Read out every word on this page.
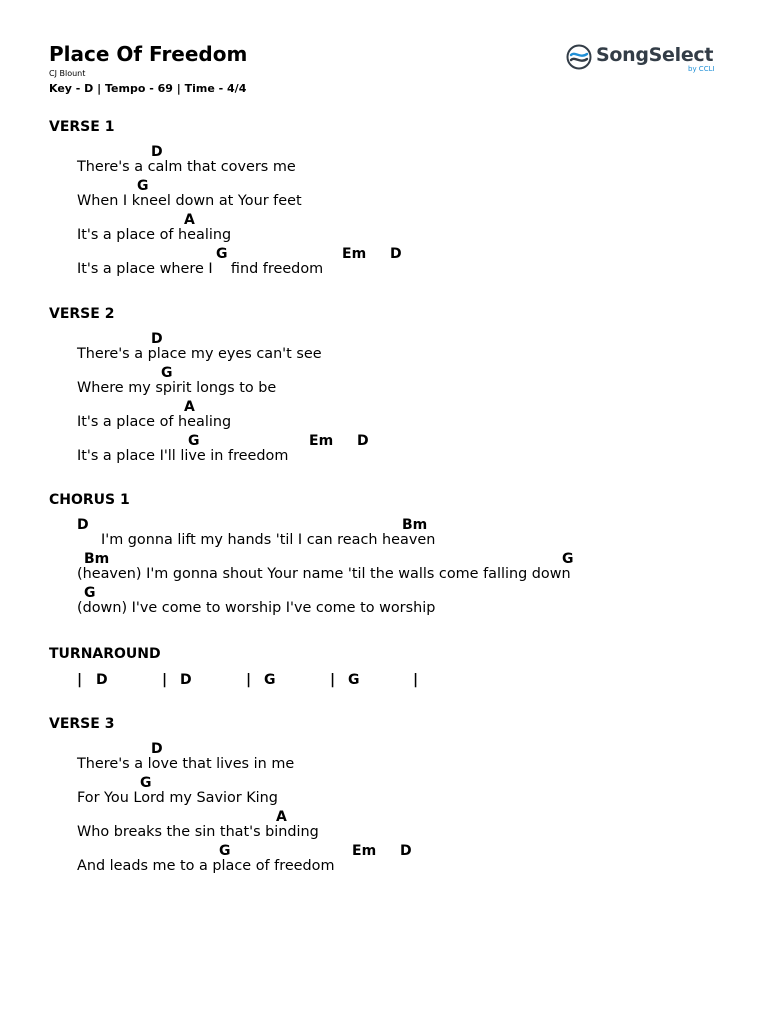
Place Of Freedom
CJ Blount
Key - D | Tempo - 69 | Time - 4/4
SongSelect
by CCLI
VERSE 1
D
There's a calm that covers me
G
When I kneel down at Your feet
A
It's a place of healing
G	Em D
It's a place where I    find freedom
VERSE 2
D
There's a place my eyes can't see
G
Where my spirit longs to be
A
It's a place of healing
G	Em D
It's a place I'll live in freedom
CHORUS 1
D	Bm
I'm gonna lift my hands 'til I can reach heaven
Bm	G
(heaven) I'm gonna shout Your name 'til the walls come falling down
G
(down) I've come to worship I've come to worship
TURNAROUND
| D	| D	| G	| G	|
VERSE 3
D
There's a love that lives in me
G
For You Lord my Savior King
A
Who breaks the sin that's binding
G	Em D
And leads me to a place of freedom
